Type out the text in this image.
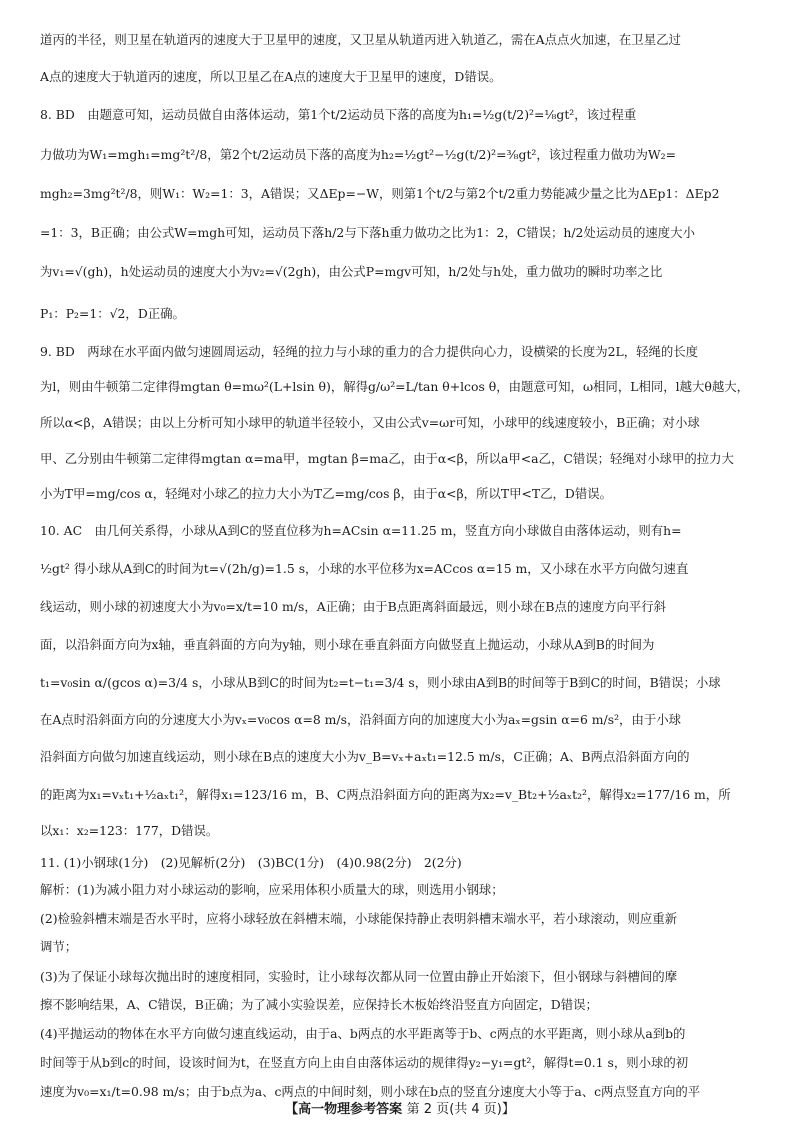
道丙的半径，则卫星在轨道丙的速度大于卫星甲的速度，又卫星从轨道丙进入轨道乙，需在A点点火加速，在卫星乙过
A点的速度大于轨道丙的速度，所以卫星乙在A点的速度大于卫星甲的速度，D错误。
8. BD　由题意可知，运动员做自由落体运动，第1个t/2运动员下落的高度为h₁=½g(t/2)²=⅛gt²，该过程重
力做功为W₁=mgh₁=mg²t²/8，第2个t/2运动员下落的高度为h₂=½gt²−½g(t/2)²=⅜gt²，该过程重力做功为W₂=
mgh₂=3mg²t²/8，则W₁：W₂=1：3，A错误；又ΔEp=−W，则第1个t/2与第2个t/2重力势能减少量之比为ΔEp1：ΔEp2
=1：3，B正确；由公式W=mgh可知，运动员下落h/2与下落h重力做功之比为1：2，C错误；h/2处运动员的速度大小
为v₁=√(gh)，h处运动员的速度大小为v₂=√(2gh)，由公式P=mgv可知，h/2处与h处，重力做功的瞬时功率之比
P₁：P₂=1：√2，D正确。
9. BD　两球在水平面内做匀速圆周运动，轻绳的拉力与小球的重力的合力提供向心力，设横梁的长度为2L，轻绳的长度
为l，则由牛顿第二定律得mgtan θ=mω²(L+lsin θ)，解得g/ω²=L/tan θ+lcos θ，由题意可知，ω相同，L相同，l越大θ越大，
所以α<β，A错误；由以上分析可知小球甲的轨道半径较小，又由公式v=ωr可知，小球甲的线速度较小，B正确；对小球
甲、乙分别由牛顿第二定律得mgtan α=ma甲，mgtan β=ma乙，由于α<β，所以a甲<a乙，C错误；轻绳对小球甲的拉力大
小为T甲=mg/cos α，轻绳对小球乙的拉力大小为T乙=mg/cos β，由于α<β，所以T甲<T乙，D错误。
10. AC　由几何关系得，小球从A到C的竖直位移为h=ACsin α=11.25 m，竖直方向小球做自由落体运动，则有h=
½gt² 得小球从A到C的时间为t=√(2h/g)=1.5 s，小球的水平位移为x=ACcos α=15 m，又小球在水平方向做匀速直
线运动，则小球的初速度大小为v₀=x/t=10 m/s，A正确；由于B点距离斜面最远，则小球在B点的速度方向平行斜
面，以沿斜面方向为x轴，垂直斜面的方向为y轴，则小球在垂直斜面方向做竖直上抛运动，小球从A到B的时间为
t₁=v₀sin α/(gcos α)=3/4 s，小球从B到C的时间为t₂=t−t₁=3/4 s，则小球由A到B的时间等于B到C的时间，B错误；小球
在A点时沿斜面方向的分速度大小为vₓ=v₀cos α=8 m/s，沿斜面方向的加速度大小为aₓ=gsin α=6 m/s²，由于小球
沿斜面方向做匀加速直线运动，则小球在B点的速度大小为v_B=vₓ+aₓt₁=12.5 m/s，C正确；A、B两点沿斜面方向的
的距离为x₁=vₓt₁+½aₓt₁²，解得x₁=123/16 m，B、C两点沿斜面方向的距离为x₂=v_Bt₂+½aₓt₂²，解得x₂=177/16 m，所
以x₁：x₂=123：177，D错误。
11. (1)小钢球(1分)　(2)见解析(2分)　(3)BC(1分)　(4)0.98(2分)　2(2分)
解析：(1)为减小阻力对小球运动的影响，应采用体积小质量大的球，则选用小钢球；
(2)检验斜槽末端是否水平时，应将小球轻放在斜槽末端，小球能保持静止表明斜槽末端水平，若小球滚动，则应重新
调节；
(3)为了保证小球每次抛出时的速度相同，实验时，让小球每次都从同一位置由静止开始滚下，但小钢球与斜槽间的摩
擦不影响结果，A、C错误，B正确；为了减小实验误差，应保持长木板始终沿竖直方向固定，D错误；
(4)平抛运动的物体在水平方向做匀速直线运动，由于a、b两点的水平距离等于b、c两点的水平距离，则小球从a到b的
时间等于从b到c的时间，设该时间为t，在竖直方向上由自由落体运动的规律得y₂−y₁=gt²，解得t=0.1 s，则小球的初
速度为v₀=x₁/t=0.98 m/s；由于b点为a、c两点的中间时刻，则小球在b点的竖直分速度大小等于a、c两点竖直方向的平
【高一物理参考答案 第 2 页(共 4 页)】
